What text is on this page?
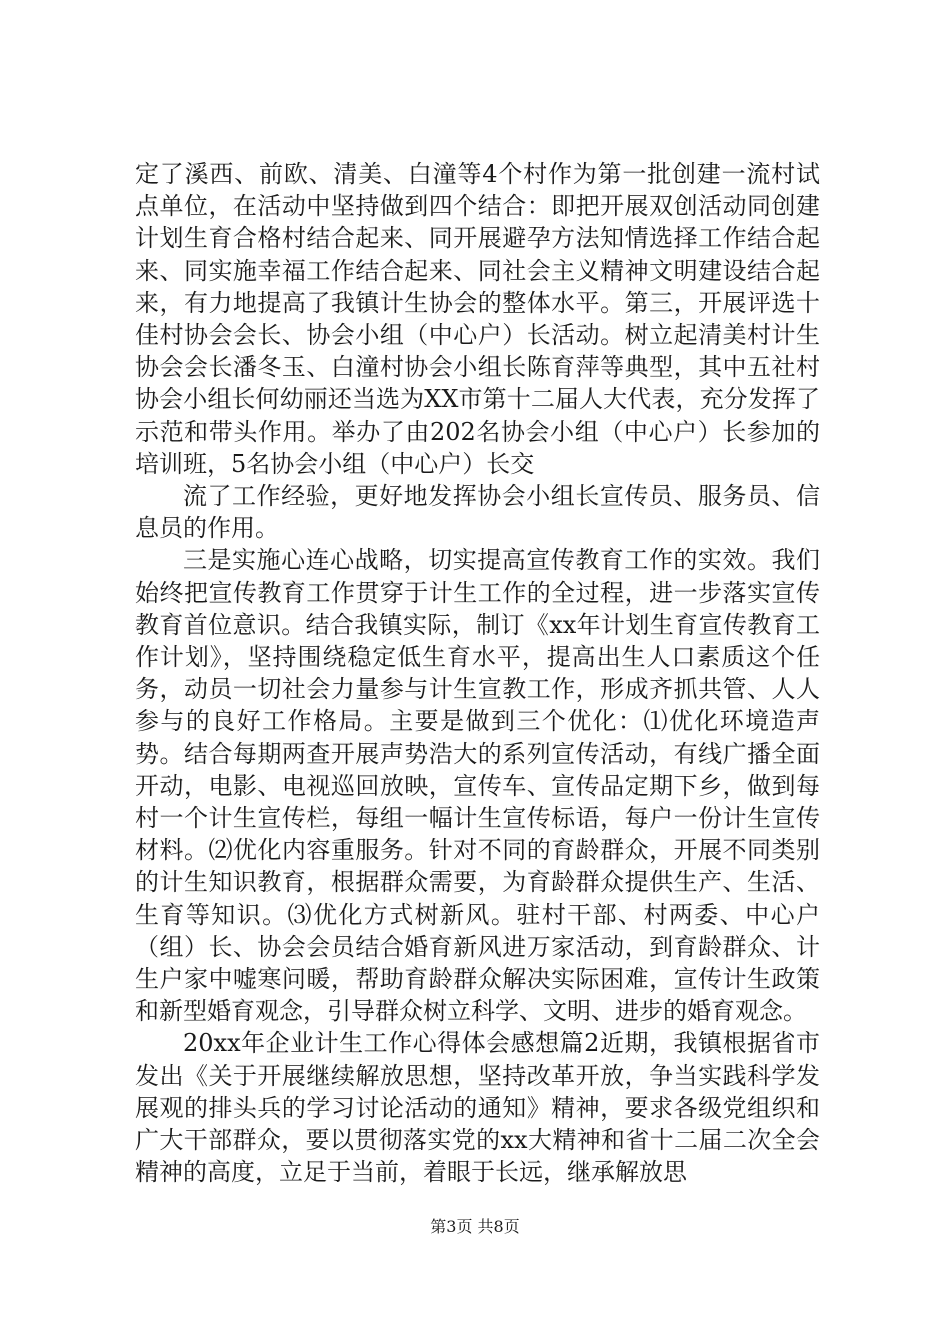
定了溪西、前欧、清美、白潼等4个村作为第一批创建一流村试点单位，在活动中坚持做到四个结合：即把开展双创活动同创建计划生育合格村结合起来、同开展避孕方法知情选择工作结合起来、同实施幸福工作结合起来、同社会主义精神文明建设结合起来，有力地提高了我镇计生协会的整体水平。第三，开展评选十佳村协会会长、协会小组（中心户）长活动。树立起清美村计生协会会长潘冬玉、白潼村协会小组长陈育萍等典型，其中五社村协会小组长何幼丽还当选为XX市第十二届人大代表，充分发挥了示范和带头作用。举办了由202名协会小组（中心户）长参加的培训班，5名协会小组（中心户）长交

流了工作经验，更好地发挥协会小组长宣传员、服务员、信息员的作用。

三是实施心连心战略，切实提高宣传教育工作的实效。我们始终把宣传教育工作贯穿于计生工作的全过程，进一步落实宣传教育首位意识。结合我镇实际，制订《xx年计划生育宣传教育工作计划》，坚持围绕稳定低生育水平，提高出生人口素质这个任务，动员一切社会力量参与计生宣教工作，形成齐抓共管、人人参与的良好工作格局。主要是做到三个优化：⑴优化环境造声势。结合每期两查开展声势浩大的系列宣传活动，有线广播全面开动，电影、电视巡回放映，宣传车、宣传品定期下乡，做到每村一个计生宣传栏，每组一幅计生宣传标语，每户一份计生宣传材料。⑵优化内容重服务。针对不同的育龄群众，开展不同类别的计生知识教育，根据群众需要，为育龄群众提供生产、生活、生育等知识。⑶优化方式树新风。驻村干部、村两委、中心户（组）长、协会会员结合婚育新风进万家活动，到育龄群众、计生户家中嘘寒问暖，帮助育龄群众解决实际困难，宣传计生政策和新型婚育观念，引导群众树立科学、文明、进步的婚育观念。

20xx年企业计生工作心得体会感想篇2近期，我镇根据省市发出《关于开展继续解放思想，坚持改革开放，争当实践科学发展观的排头兵的学习讨论活动的通知》精神，要求各级党组织和广大干部群众，要以贯彻落实党的xx大精神和省十二届二次全会精神的高度，立足于当前，着眼于长远，继承解放思

第3页 共8页
